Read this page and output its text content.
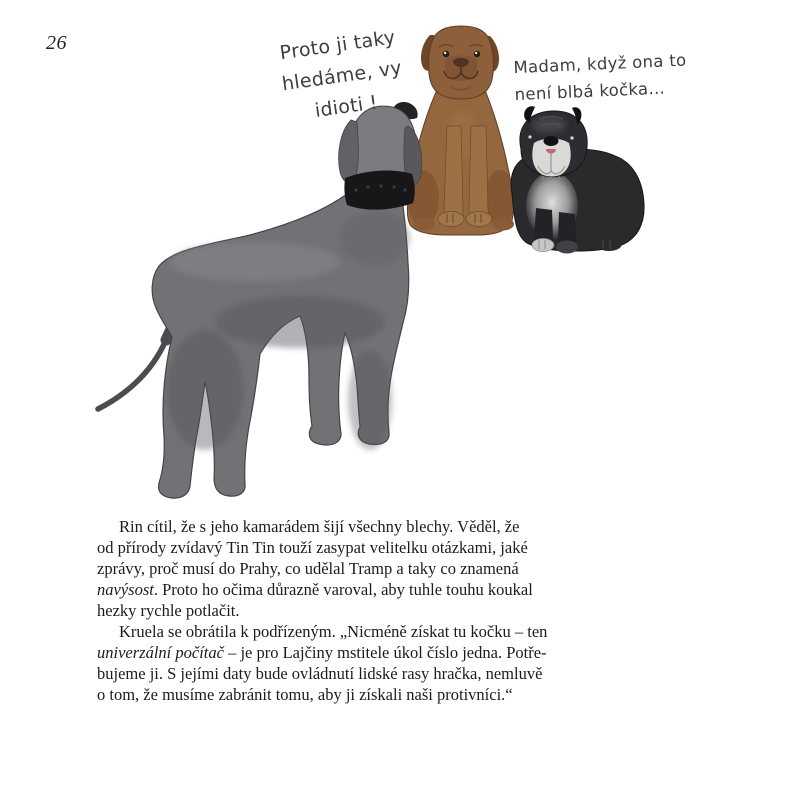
26	Proto ji taky
hledáme, vy
idioti !
Madam, když ona to
není blbá kočka...
Rin cítil, že s jeho kamarádem šijí všechny blechy. Věděl, že
od přírody zvídavý Tin Tin touží zasypat velitelku otázkami, jaké
zprávy, proč musí do Prahy, co udělal Tramp a taky co znamená
navýsost. Proto ho očima důrazně varoval, aby tuhle touhu koukal
hezky rychle potlačit.
Kruela se obrátila k podřízeným. „Nicméně získat tu kočku – ten
univerzální počítač – je pro Lajčiny mstitele úkol číslo jedna. Potře-
bujeme ji. S jejími daty bude ovládnutí lidské rasy hračka, nemluvě
o tom, že musíme zabránit tomu, aby ji získali naši protivníci.“
